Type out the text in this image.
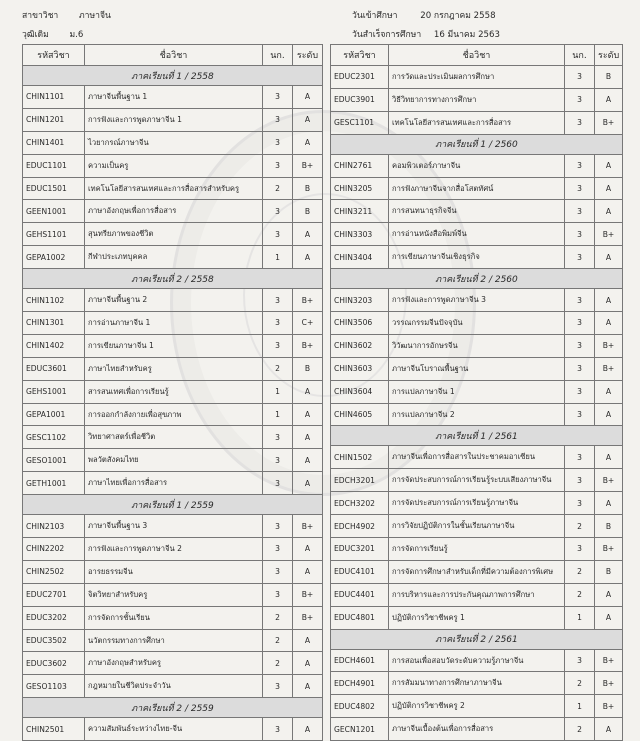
สาขาวิชา ภาษาจีน
วุฒิเดิม ม.6
วันเข้าศึกษา	20 กรกฎาคม 2558
วันสำเร็จการศึกษา 16 มีนาคม 2563
รหัสวิชา	ชื่อวิชา	นก.	ระดับ
ภาคเรียนที่ 1 / 2558			
CHIN1101	ภาษาจีนพื้นฐาน 1	3	A
CHIN1201	การฟังและการพูดภาษาจีน 1	3	A
CHIN1401	ไวยากรณ์ภาษาจีน	3	A
EDUC1101	ความเป็นครู	3	B+
EDUC1501	เทคโนโลยีสารสนเทศและการสื่อสารสำหรับครู	2	B
GEEN1001	ภาษาอังกฤษเพื่อการสื่อสาร	3	B
GEHS1101	สุนทรียภาพของชีวิต	3	A
GEPA1002	กีฬาประเภทบุคคล	1	A
ภาคเรียนที่ 2 / 2558			
CHIN1102	ภาษาจีนพื้นฐาน 2	3	B+
CHIN1301	การอ่านภาษาจีน 1	3	C+
CHIN1402	การเขียนภาษาจีน 1	3	B+
EDUC3601	ภาษาไทยสำหรับครู	2	B
GEHS1001	สารสนเทศเพื่อการเรียนรู้	1	A
GEPA1001	การออกกำลังกายเพื่อสุขภาพ	1	A
GESC1102	วิทยาศาสตร์เพื่อชีวิต	3	A
GESO1001	พลวัตสังคมไทย	3	A
GETH1001	ภาษาไทยเพื่อการสื่อสาร	3	A
ภาคเรียนที่ 1 / 2559			
CHIN2103	ภาษาจีนพื้นฐาน 3	3	B+
CHIN2202	การฟังและการพูดภาษาจีน 2	3	A
CHIN2502	อารยธรรมจีน	3	A
EDUC2701	จิตวิทยาสำหรับครู	3	B+
EDUC3202	การจัดการชั้นเรียน	2	B+
EDUC3502	นวัตกรรมทางการศึกษา	2	A
EDUC3602	ภาษาอังกฤษสำหรับครู	2	A
GESO1103	กฎหมายในชีวิตประจำวัน	3	A
ภาคเรียนที่ 2 / 2559			
CHIN2501	ความสัมพันธ์ระหว่างไทย-จีน	3	A
รหัสวิชา	ชื่อวิชา	นก.	ระดับ
EDUC2301	การวัดและประเมินผลการศึกษา	3	B
EDUC3901	วิธีวิทยาการทางการศึกษา	3	A
GESC1101	เทคโนโลยีสารสนเทศและการสื่อสาร	3	B+
ภาคเรียนที่ 1 / 2560			
CHIN2761	คอมพิวเตอร์ภาษาจีน	3	A
CHIN3205	การฟังภาษาจีนจากสื่อโสตทัศน์	3	A
CHIN3211	การสนทนาธุรกิจจีน	3	A
CHIN3303	การอ่านหนังสือพิมพ์จีน	3	B+
CHIN3404	การเขียนภาษาจีนเชิงธุรกิจ	3	A
ภาคเรียนที่ 2 / 2560			
CHIN3203	การฟังและการพูดภาษาจีน 3	3	A
CHIN3506	วรรณกรรมจีนปัจจุบัน	3	A
CHIN3602	วิวัฒนาการอักษรจีน	3	B+
CHIN3603	ภาษาจีนโบราณพื้นฐาน	3	B+
CHIN3604	การแปลภาษาจีน 1	3	A
CHIN4605	การแปลภาษาจีน 2	3	A
ภาคเรียนที่ 1 / 2561			
CHIN1502	ภาษาจีนเพื่อการสื่อสารในประชาคมอาเซียน	3	A
EDCH3201	การจัดประสบการณ์การเรียนรู้ระบบเสียงภาษาจีน	3	B+
EDCH3202	การจัดประสบการณ์การเรียนรู้ภาษาจีน	3	A
EDCH4902	การวิจัยปฏิบัติการในชั้นเรียนภาษาจีน	2	B
EDUC3201	การจัดการเรียนรู้	3	B+
EDUC4101	การจัดการศึกษาสำหรับเด็กที่มีความต้องการพิเศษ	2	B
EDUC4401	การบริหารและการประกันคุณภาพการศึกษา	2	A
EDUC4801	ปฏิบัติการวิชาชีพครู 1	1	A
ภาคเรียนที่ 2 / 2561			
EDCH4601	การสอนเพื่อสอบวัดระดับความรู้ภาษาจีน	3	B+
EDCH4901	การสัมมนาทางการศึกษาภาษาจีน	2	B+
EDUC4802	ปฏิบัติการวิชาชีพครู 2	1	B+
GECN1201	ภาษาจีนเบื้องต้นเพื่อการสื่อสาร	2	A
